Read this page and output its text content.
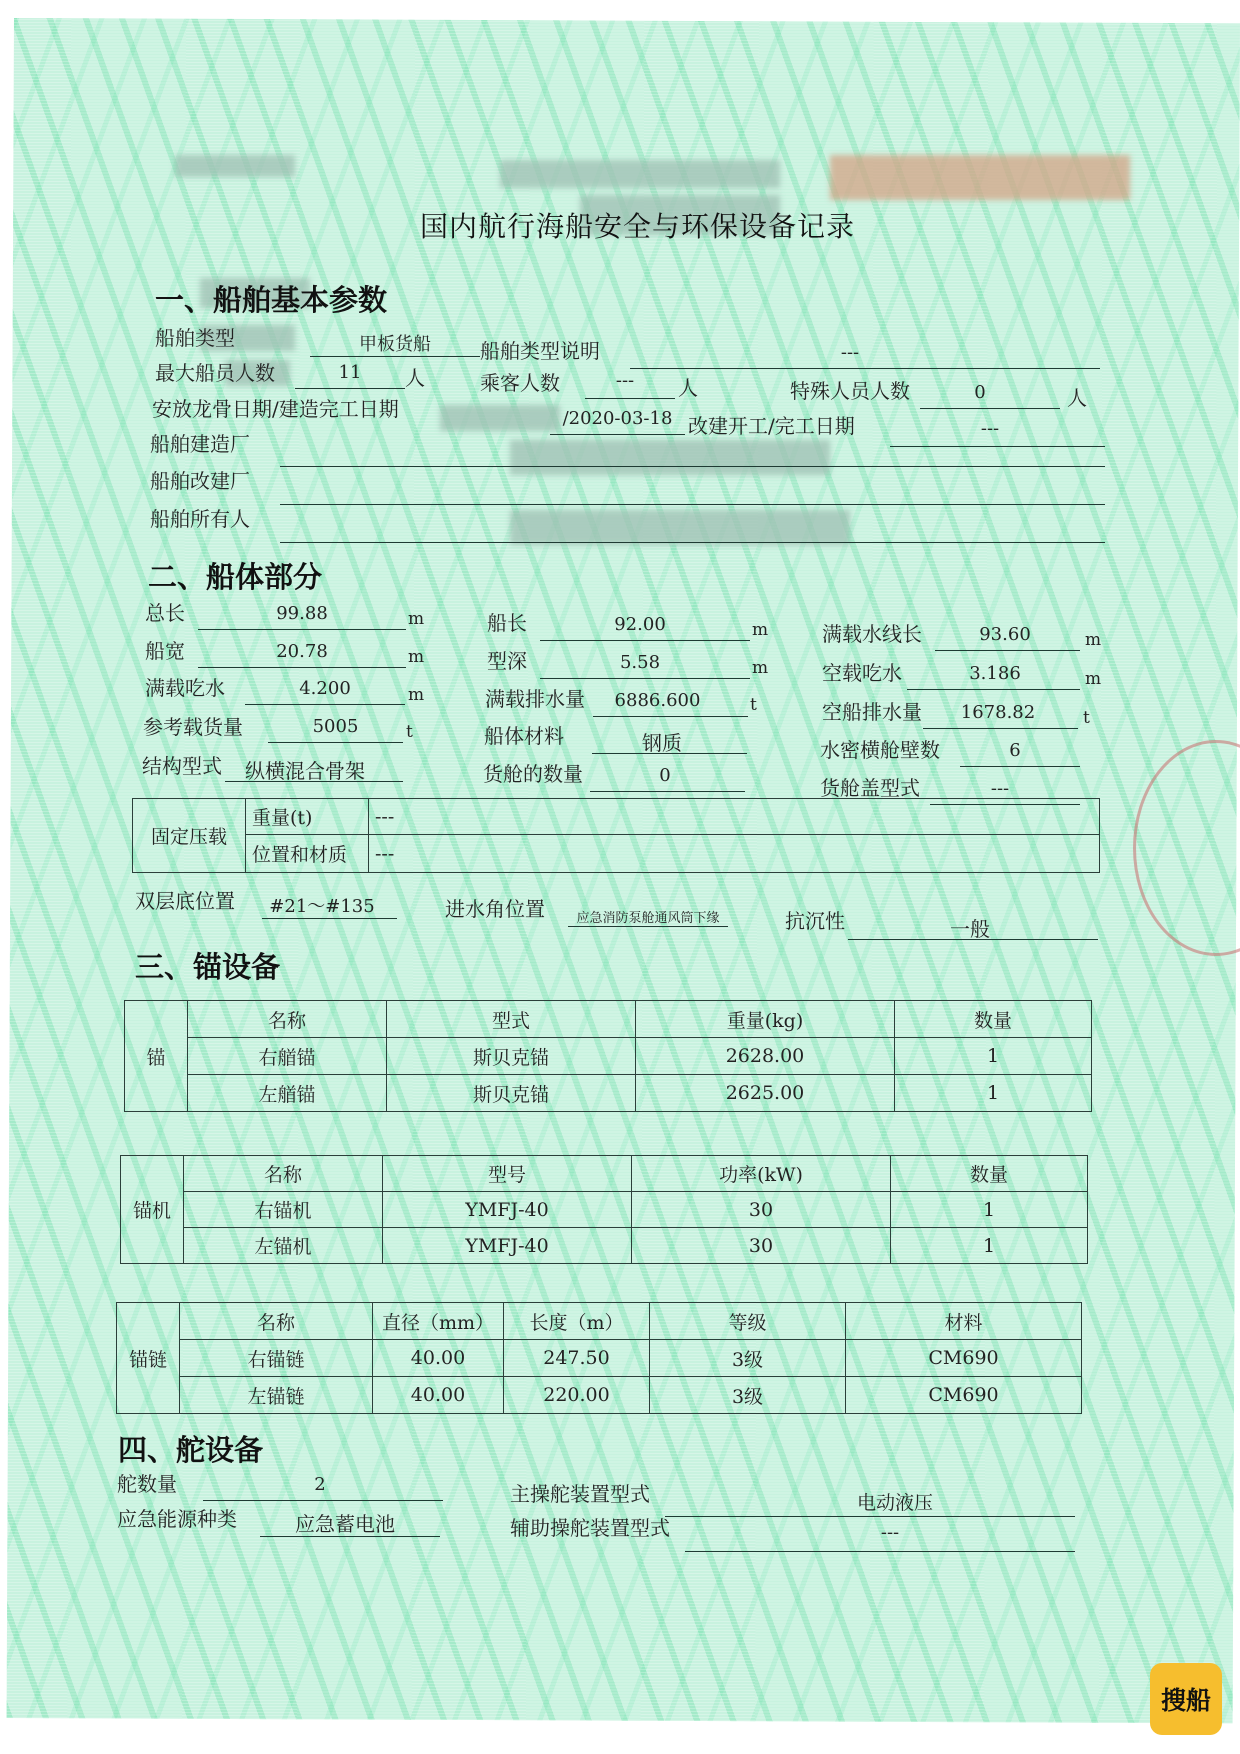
国内航行海船安全与环保设备记录
一、船舶基本参数
船舶类型	甲板货船	船舶类型说明	---
最大船员人数	11	人	乘客人数	---	人	特殊人员人数	0	人
安放龙骨日期/建造完工日期	/2020-03-18 改建开工/完工日期	---
船舶建造厂
船舶改建厂
船舶所有人
二、船体部分
总长	99.88	m
船宽	20.78	m
满载吃水	4.200	m
参考载货量	5005	t
结构型式	纵横混合骨架
船长	92.00	m
型深	5.58	m
满载排水量	6886.600	t
船体材料	钢质
货舱的数量	0
满载水线长	93.60	m
空载吃水	3.186	m
空船排水量	1678.82	t
水密横舱壁数	6
货舱盖型式	---
固定压载	重量(t)	---
	位置和材质	---
双层底位置	#21～#135	进水角位置	应急消防泵舱通风筒下缘	抗沉性	一般
三、锚设备
锚	名称	型式	重量(kg)	数量
	右艏锚	斯贝克锚	2628.00	1
	左艏锚	斯贝克锚	2625.00	1
锚机	名称	型号	功率(kW)	数量
	右锚机	YMFJ-40	30	1
	左锚机	YMFJ-40	30	1
锚链	名称	直径（mm）	长度（m）	等级	材料
	右锚链	40.00	247.50	3级	CM690
	左锚链	40.00	220.00	3级	CM690
四、舵设备
舵数量	2
应急能源种类	应急蓄电池
主操舵装置型式	电动液压
辅助操舵装置型式	---
搜船
